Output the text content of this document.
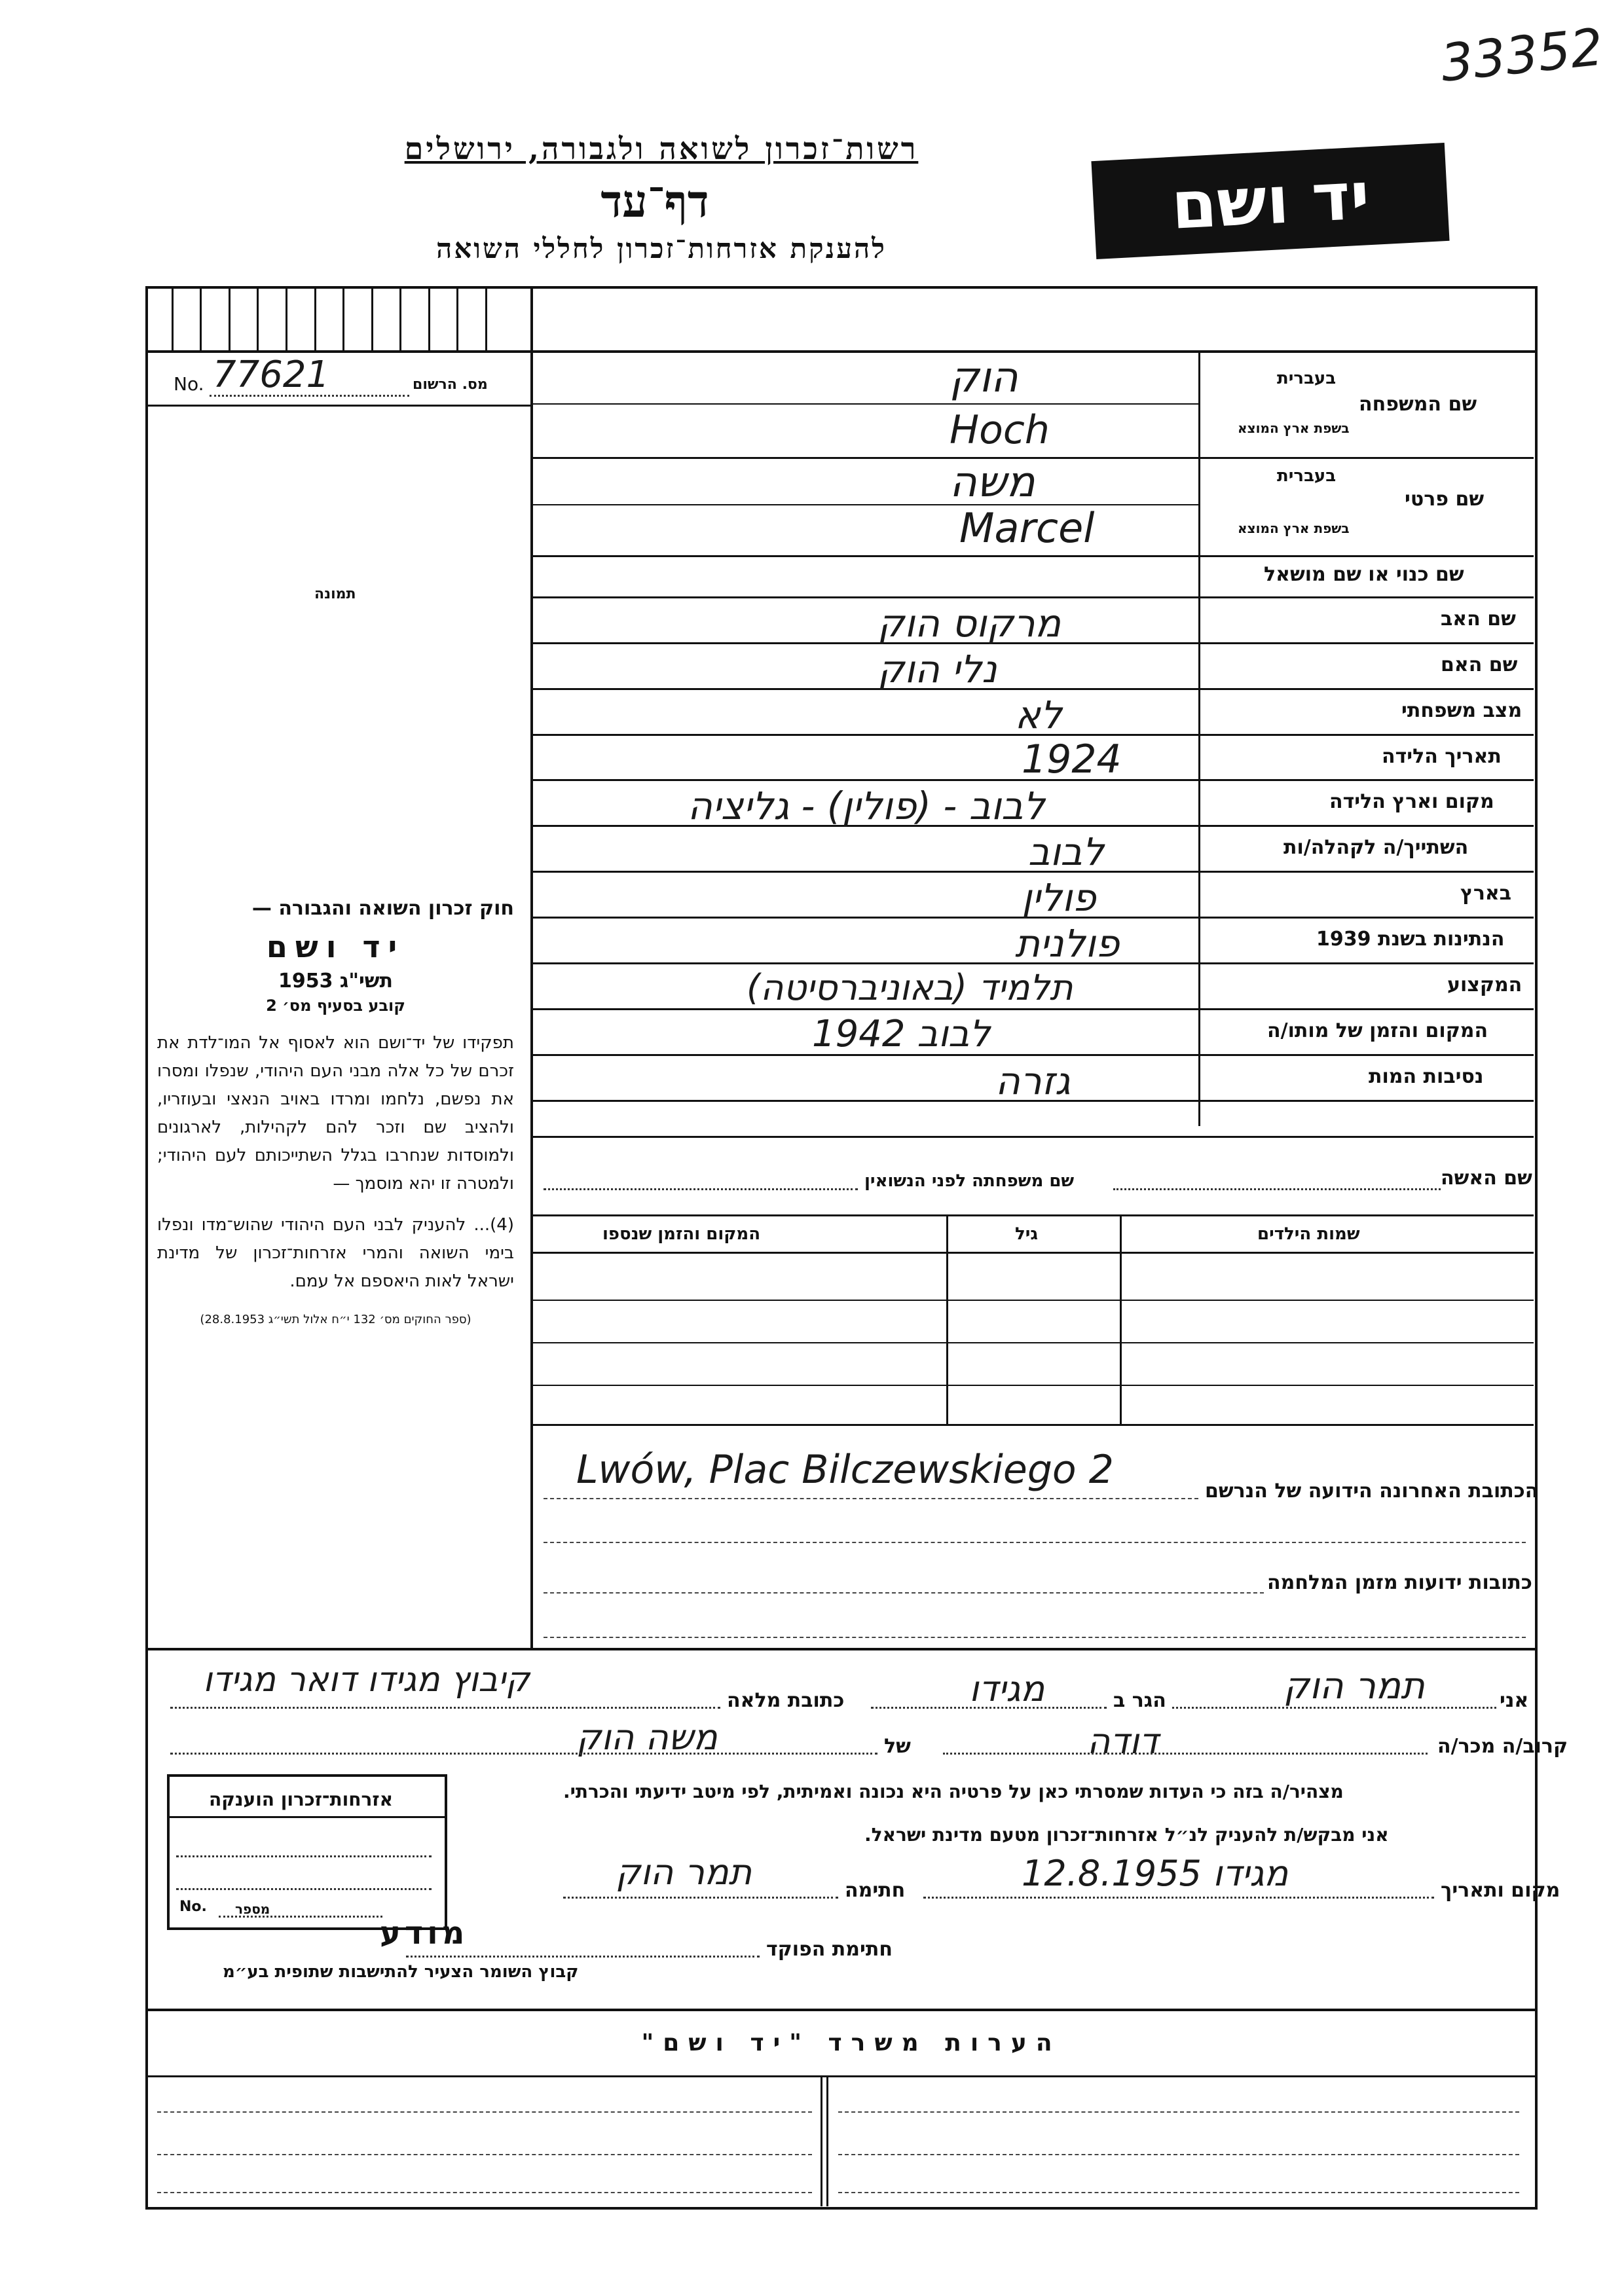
33352
רשות־זכרון לשואה ולגבורה, ירושלים
דף־עד
להענקת אזרחות־זכרון לחללי השואה
יד ושם
No. 77621	מס. הרשום
תמונה
חוק זכרון השואה והגבורה —
יד ושם
תשי"ג 1953
קובע בסעיף מס׳ 2
תפקידו של יד־ושם הוא לאסוף אל המו־לדת את זכרם של כל אלה מבני העם היהודי, שנפלו ומסרו את נפשם, נלחמו ומרדו באויב הנאצי ובעוזריו, ולהציב שם וזכר להם לקהילות, לארגונים ולמוסדות שנחרבו בגלל השתייכותם לעם היהודי; ולמטרה זו יהא מוסמך —
(4)... להעניק לבני העם היהודי שהוש־מדו ונפלו בימי השואה והמרי אזרחות־זכרון של מדינת ישראל לאות היאספם אל עמם.
(ספר החוקים מס׳ 132 י״ח אלול תשי״ג 28.8.1953)
בעברית
בשפת ארץ המוצא
שם המשפחה
הוק
Hoch
בעברית
בשפת ארץ המוצא
שם פרטי
משה
Marcel
שם כנוי או שם מושאל
שם האב
מרקוס הוק
שם האם
נלי הוק
מצב משפחתי
לא
תאריך הלידה
1924
מקום וארץ הלידה
לבוב - (פולין) - גליציה
השתייך/ה לקהלה/ות
לבוב
בארץ
פולין
הנתינות בשנת 1939
פולנית
המקצוע
תלמיד (באוניברסיטה)
המקום והזמן של מותו/ה
לבוב 1942
נסיבות המות
גזרה
שם האשה
שם משפחתה לפני הנשואין
שמות הילדים
גיל
המקום והזמן שנספו
הכתובת האחרונה הידועה של הנרשם
Lwów, Plac Bilczewskiego 2
כתובות ידועות מזמן המלחמה
אני
תמר הוק
הגר ב
מגידו
כתובת מלאה
קיבוץ מגידו דואר מגידו
קרוב/ה מכר/ה
דודה
של
משה הוק
מצהיר/ה בזה כי העדות שמסרתי כאן על פרטיה היא נכונה ואמיתית, לפי מיטב ידיעתי והכרתי.
אני מבקש/ת להעניק לנ״ל אזרחות־זכרון מטעם מדינת ישראל.
מקום ותאריך
מגידו 12.8.1955
חתימה
תמר הוק
חתימת הפוקד
מודע
קבוץ השומר הצעיר להתישבות שתופית בע״מ
אזרחות־זכרון הוענקה
No. מספר
הערות משרד "יד ושם"
